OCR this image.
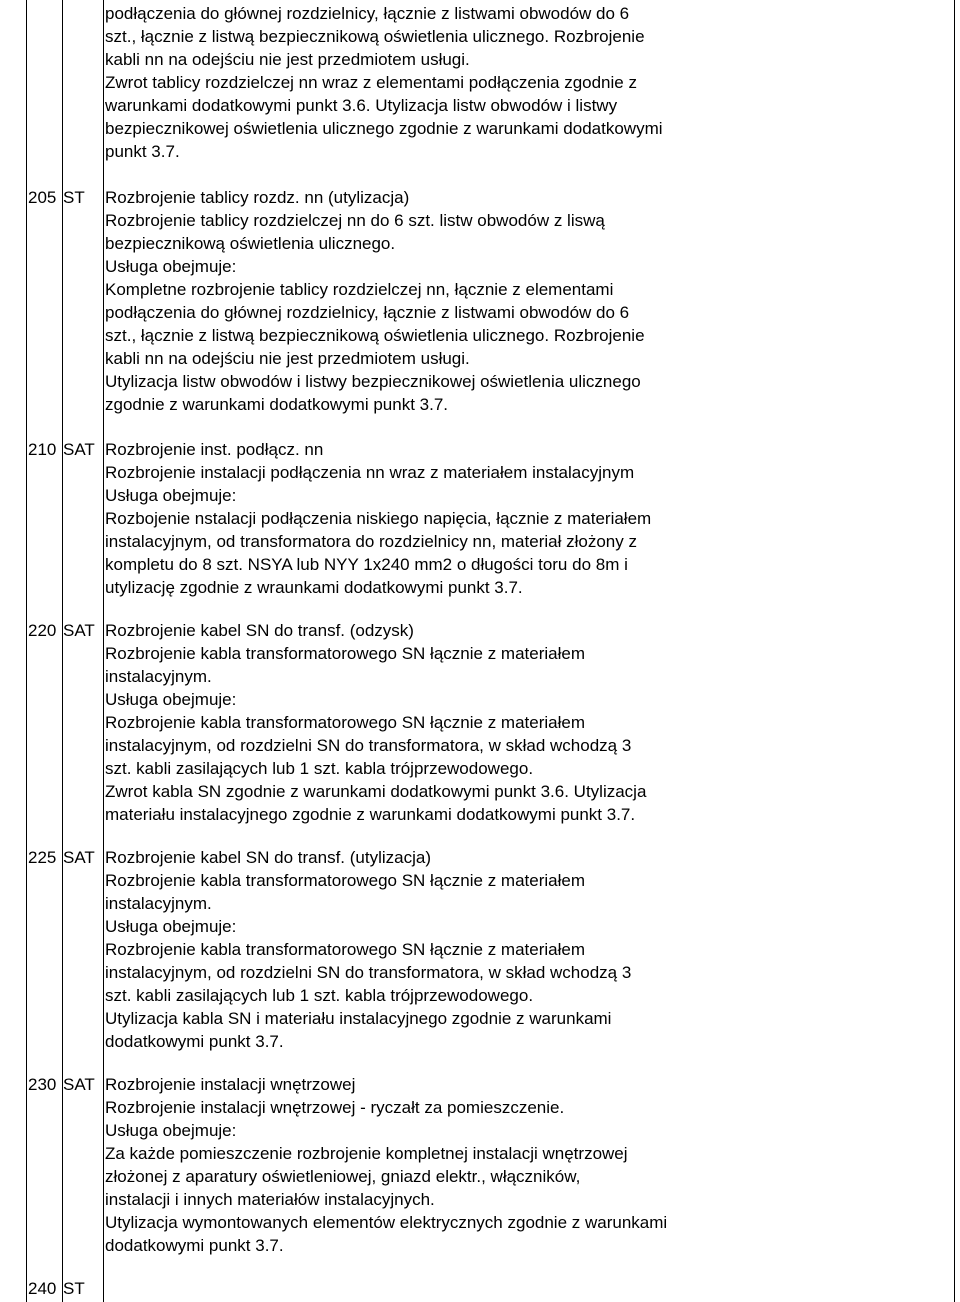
podłączenia do głównej rozdzielnicy, łącznie z listwami obwodów do 6
szt., łącznie z listwą bezpiecznikową oświetlenia ulicznego. Rozbrojenie
kabli nn na odejściu nie jest przedmiotem usługi.
Zwrot tablicy rozdzielczej nn wraz z elementami podłączenia zgodnie z
warunkami dodatkowymi punkt 3.6. Utylizacja listw obwodów i listwy
bezpiecznikowej oświetlenia ulicznego zgodnie z warunkami dodatkowymi
punkt 3.7.
205 ST	Rozbrojenie tablicy rozdz. nn (utylizacja)
Rozbrojenie tablicy rozdzielczej nn do 6 szt. listw obwodów z liswą
bezpiecznikową oświetlenia ulicznego.
Usługa obejmuje:
Kompletne rozbrojenie tablicy rozdzielczej nn, łącznie z elementami
podłączenia do głównej rozdzielnicy, łącznie z listwami obwodów do 6
szt., łącznie z listwą bezpiecznikową oświetlenia ulicznego. Rozbrojenie
kabli nn na odejściu nie jest przedmiotem usługi.
Utylizacja listw obwodów i listwy bezpiecznikowej oświetlenia ulicznego
zgodnie z warunkami dodatkowymi punkt 3.7.
210 SAT Rozbrojenie inst. podłącz. nn
Rozbrojenie instalacji podłączenia nn wraz z materiałem instalacyjnym
Usługa obejmuje:
Rozbojenie nstalacji podłączenia niskiego napięcia, łącznie z materiałem
instalacyjnym, od transformatora do rozdzielnicy nn, materiał złożony z
kompletu do 8 szt. NSYA lub NYY 1x240 mm2 o długości toru do 8m i
utylizację zgodnie z wraunkami dodatkowymi punkt 3.7.
220 SAT Rozbrojenie kabel SN do transf. (odzysk)
Rozbrojenie kabla transformatorowego SN łącznie z materiałem
instalacyjnym.
Usługa obejmuje:
Rozbrojenie kabla transformatorowego SN łącznie z materiałem
instalacyjnym, od rozdzielni SN do transformatora, w skład wchodzą 3
szt. kabli zasilających lub 1 szt. kabla trójprzewodowego.
Zwrot kabla SN zgodnie z warunkami dodatkowymi punkt 3.6. Utylizacja
materiału instalacyjnego zgodnie z warunkami dodatkowymi punkt 3.7.
225 SAT Rozbrojenie kabel SN do transf. (utylizacja)
Rozbrojenie kabla transformatorowego SN łącznie z materiałem
instalacyjnym.
Usługa obejmuje:
Rozbrojenie kabla transformatorowego SN łącznie z materiałem
instalacyjnym, od rozdzielni SN do transformatora, w skład wchodzą 3
szt. kabli zasilających lub 1 szt. kabla trójprzewodowego.
Utylizacja kabla SN i materiału instalacyjnego zgodnie z warunkami
dodatkowymi punkt 3.7.
230 SAT Rozbrojenie instalacji wnętrzowej
Rozbrojenie instalacji wnętrzowej - ryczałt za pomieszczenie.
Usługa obejmuje:
Za każde pomieszczenie rozbrojenie kompletnej instalacji wnętrzowej
złożonej z aparatury oświetleniowej, gniazd elektr., włączników,
instalacji i innych materiałów instalacyjnych.
Utylizacja wymontowanych elementów elektrycznych zgodnie z warunkami
dodatkowymi punkt 3.7.
240 ST
